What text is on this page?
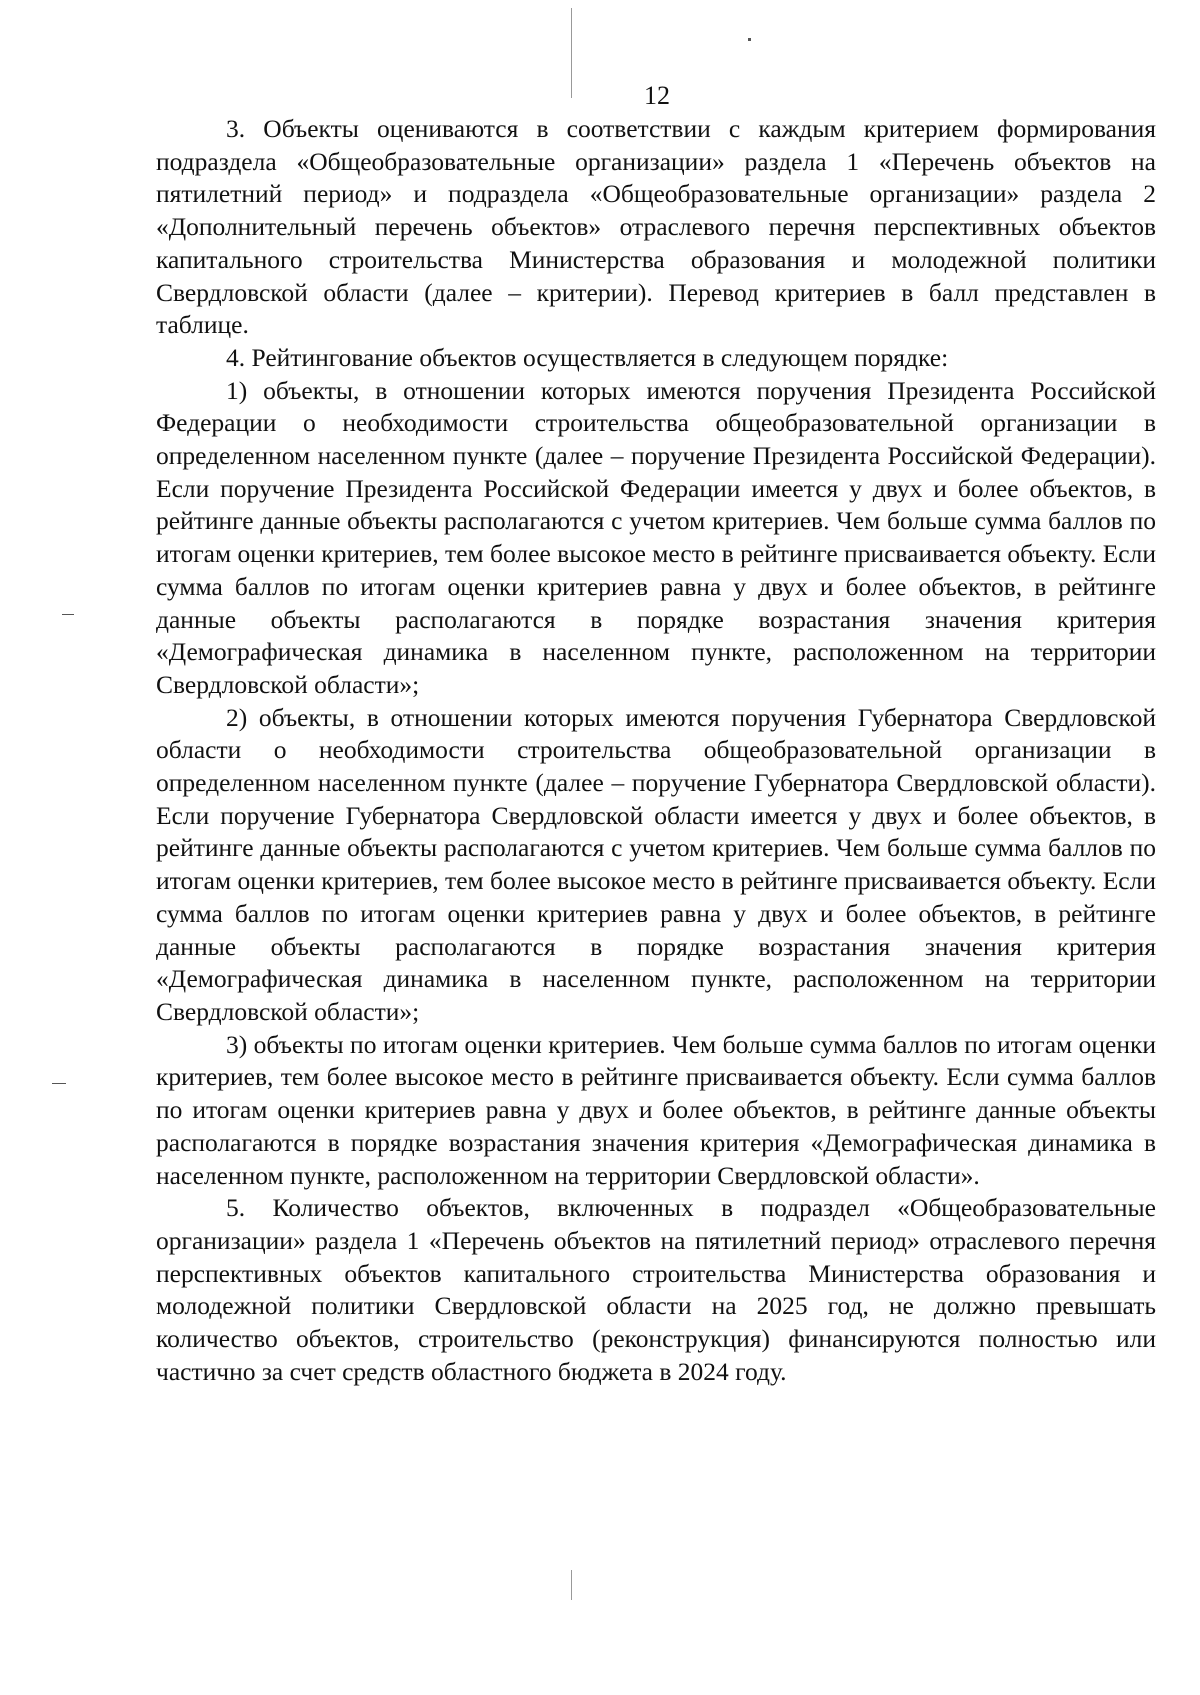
12

3. Объекты оцениваются в соответствии с каждым критерием формирования подраздела «Общеобразовательные организации» раздела 1 «Перечень объектов на пятилетний период» и подраздела «Общеобразовательные организации» раздела 2 «Дополнительный перечень объектов» отраслевого перечня перспективных объектов капитального строительства Министерства образования и молодежной политики Свердловской области (далее – критерии). Перевод критериев в балл представлен в таблице.

4. Рейтингование объектов осуществляется в следующем порядке:

1) объекты, в отношении которых имеются поручения Президента Российской Федерации о необходимости строительства общеобразовательной организации в определенном населенном пункте (далее – поручение Президента Российской Федерации). Если поручение Президента Российской Федерации имеется у двух и более объектов, в рейтинге данные объекты располагаются с учетом критериев. Чем больше сумма баллов по итогам оценки критериев, тем более высокое место в рейтинге присваивается объекту. Если сумма баллов по итогам оценки критериев равна у двух и более объектов, в рейтинге данные объекты располагаются в порядке возрастания значения критерия «Демографическая динамика в населенном пункте, расположенном на территории Свердловской области»;

2) объекты, в отношении которых имеются поручения Губернатора Свердловской области о необходимости строительства общеобразовательной организации в определенном населенном пункте (далее – поручение Губернатора Свердловской области). Если поручение Губернатора Свердловской области имеется у двух и более объектов, в рейтинге данные объекты располагаются с учетом критериев. Чем больше сумма баллов по итогам оценки критериев, тем более высокое место в рейтинге присваивается объекту. Если сумма баллов по итогам оценки критериев равна у двух и более объектов, в рейтинге данные объекты располагаются в порядке возрастания значения критерия «Демографическая динамика в населенном пункте, расположенном на территории Свердловской области»;

3) объекты по итогам оценки критериев. Чем больше сумма баллов по итогам оценки критериев, тем более высокое место в рейтинге присваивается объекту. Если сумма баллов по итогам оценки критериев равна у двух и более объектов, в рейтинге данные объекты располагаются в порядке возрастания значения критерия «Демографическая динамика в населенном пункте, расположенном на территории Свердловской области».

5. Количество объектов, включенных в подраздел «Общеобразовательные организации» раздела 1 «Перечень объектов на пятилетний период» отраслевого перечня перспективных объектов капитального строительства Министерства образования и молодежной политики Свердловской области на 2025 год, не должно превышать количество объектов, строительство (реконструкция) финансируются полностью или частично за счет средств областного бюджета в 2024 году.
